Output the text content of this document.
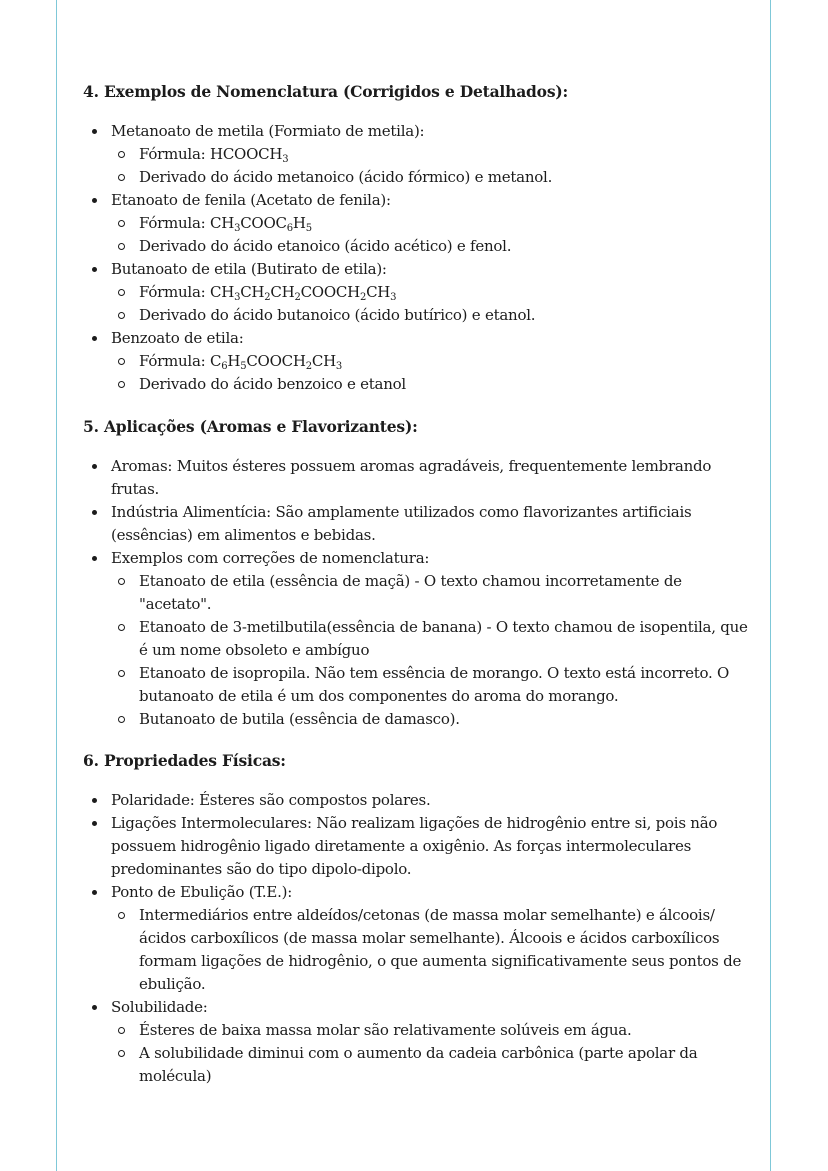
4. Exemplos de Nomenclatura (Corrigidos e Detalhados):
Metanoato de metila (Formiato de metila):
Fórmula: $HCOOCH_3$
Derivado do ácido metanoico (ácido fórmico) e metanol.
Etanoato de fenila (Acetato de fenila):
Fórmula: $CH_3COOC_6H_5$
Derivado do ácido etanoico (ácido acético) e fenol.
Butanoato de etila (Butirato de etila):
Fórmula: $CH_3CH_2CH_2COOCH_2CH_3$
Derivado do ácido butanoico (ácido butírico) e etanol.
Benzoato de etila:
Fórmula: $C_6H_5COOCH_2CH_3$
Derivado do ácido benzoico e etanol
5. Aplicações (Aromas e Flavorizantes):
Aromas: Muitos ésteres possuem aromas agradáveis, frequentemente lembrando frutas.
Indústria Alimentícia: São amplamente utilizados como flavorizantes artificiais (essências) em alimentos e bebidas.
Exemplos com correções de nomenclatura:
Etanoato de etila (essência de maçã) - O texto chamou incorretamente de "acetato".
Etanoato de 3-metilbutila(essência de banana) - O texto chamou de isopentila, que é um nome obsoleto e ambíguo
Etanoato de isopropila. Não tem essência de morango. O texto está incorreto. O butanoato de etila é um dos componentes do aroma do morango.
Butanoato de butila (essência de damasco).
6. Propriedades Físicas:
Polaridade: Ésteres são compostos polares.
Ligações Intermoleculares: Não realizam ligações de hidrogênio entre si, pois não possuem hidrogênio ligado diretamente a oxigênio. As forças intermoleculares predominantes são do tipo dipolo-dipolo.
Ponto de Ebulição (T.E.):
Intermediários entre aldeídos/cetonas (de massa molar semelhante) e álcoois/ácidos carboxílicos (de massa molar semelhante). Álcoois e ácidos carboxílicos formam ligações de hidrogênio, o que aumenta significativamente seus pontos de ebulição.
Solubilidade:
Ésteres de baixa massa molar são relativamente solúveis em água.
A solubilidade diminui com o aumento da cadeia carbônica (parte apolar da molécula)
